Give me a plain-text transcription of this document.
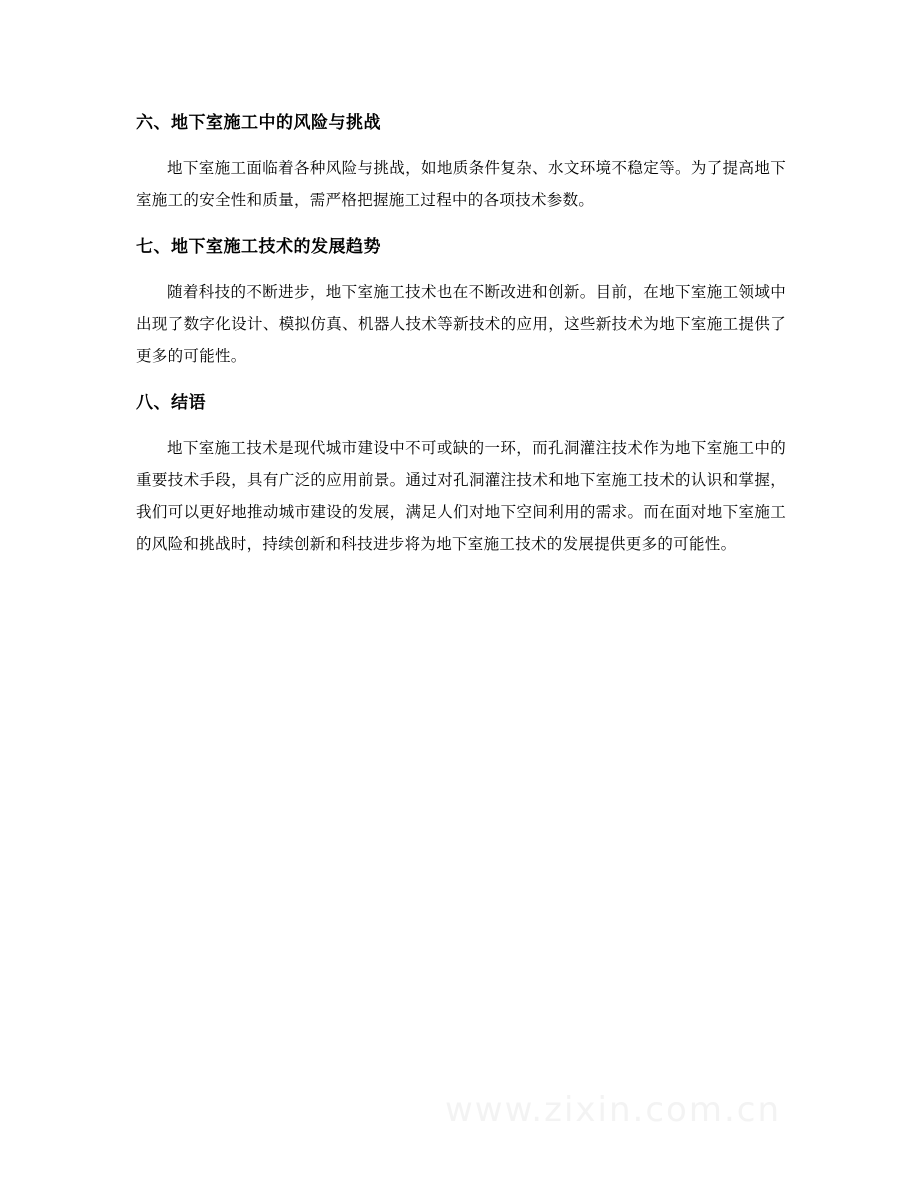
六、地下室施工中的风险与挑战

地下室施工面临着各种风险与挑战，如地质条件复杂、水文环境不稳定等。为了提高地下室施工的安全性和质量，需严格把握施工过程中的各项技术参数。

七、地下室施工技术的发展趋势

随着科技的不断进步，地下室施工技术也在不断改进和创新。目前，在地下室施工领域中出现了数字化设计、模拟仿真、机器人技术等新技术的应用，这些新技术为地下室施工提供了更多的可能性。

八、结语

地下室施工技术是现代城市建设中不可或缺的一环，而孔洞灌注技术作为地下室施工中的重要技术手段，具有广泛的应用前景。通过对孔洞灌注技术和地下室施工技术的认识和掌握，我们可以更好地推动城市建设的发展，满足人们对地下空间利用的需求。而在面对地下室施工的风险和挑战时，持续创新和科技进步将为地下室施工技术的发展提供更多的可能性。

www.zixin.com.cn
